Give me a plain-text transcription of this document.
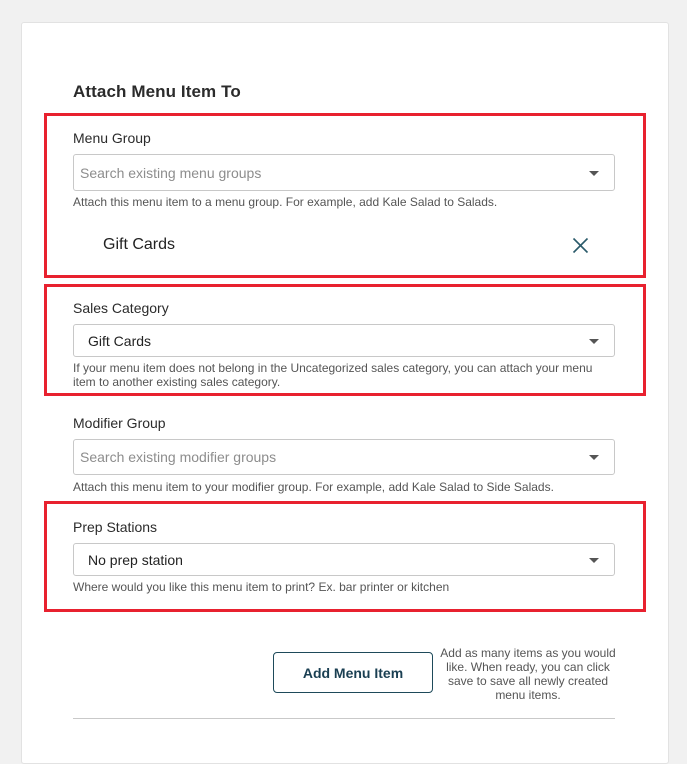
Attach Menu Item To
Menu Group
Search existing menu groups
Attach this menu item to a menu group. For example, add Kale Salad to Salads.
Gift Cards
Sales Category
Gift Cards
If your menu item does not belong in the Uncategorized sales category, you can attach your menu item to another existing sales category.
Modifier Group
Search existing modifier groups
Attach this menu item to your modifier group. For example, add Kale Salad to Side Salads.
Prep Stations
No prep station
Where would you like this menu item to print? Ex. bar printer or kitchen
Add Menu Item
Add as many items as you would like. When ready, you can click save to save all newly created menu items.
